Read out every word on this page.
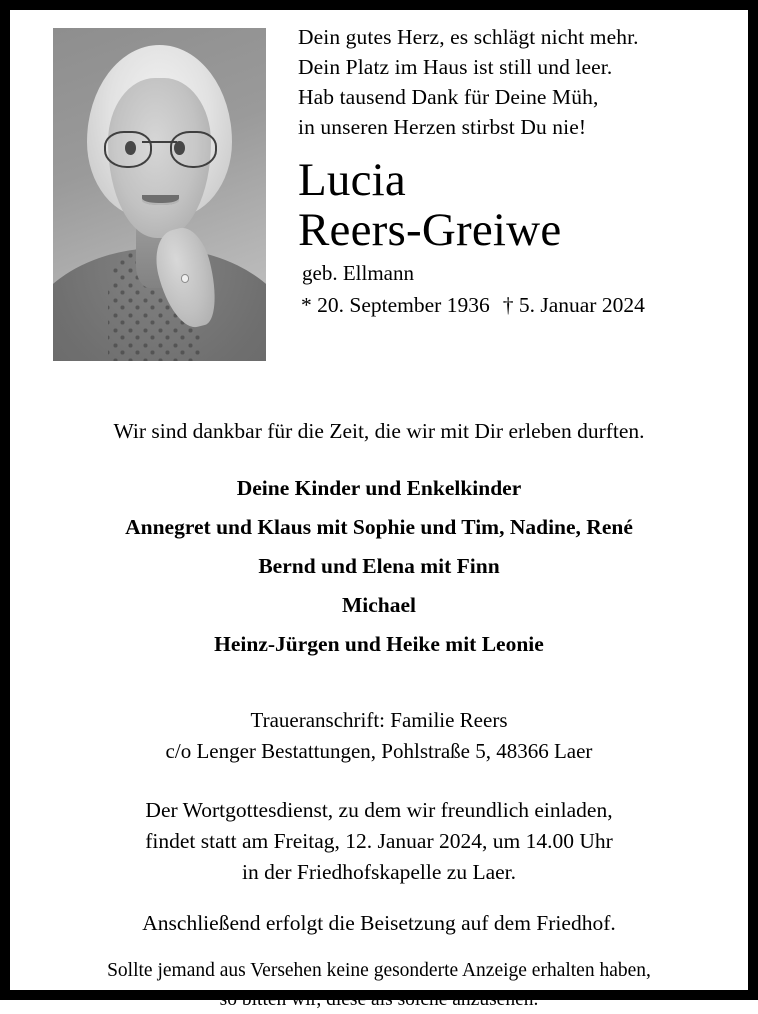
Dein gutes Herz, es schlägt nicht mehr.
Dein Platz im Haus ist still und leer.
Hab tausend Dank für Deine Müh,
in unseren Herzen stirbst Du nie!
Lucia
Reers-Greiwe
geb. Ellmann
* 20. September 1936 † 5. Januar 2024
Wir sind dankbar für die Zeit, die wir mit Dir erleben durften.
Deine Kinder und Enkelkinder
Annegret und Klaus mit Sophie und Tim, Nadine, René
Bernd und Elena mit Finn
Michael
Heinz-Jürgen und Heike mit Leonie
Traueranschrift: Familie Reers
c/o Lenger Bestattungen, Pohlstraße 5, 48366 Laer
Der Wortgottesdienst, zu dem wir freundlich einladen,
findet statt am Freitag, 12. Januar 2024, um 14.00 Uhr
in der Friedhofskapelle zu Laer.
Anschließend erfolgt die Beisetzung auf dem Friedhof.
Sollte jemand aus Versehen keine gesonderte Anzeige erhalten haben,
so bitten wir, diese als solche anzusehen.
